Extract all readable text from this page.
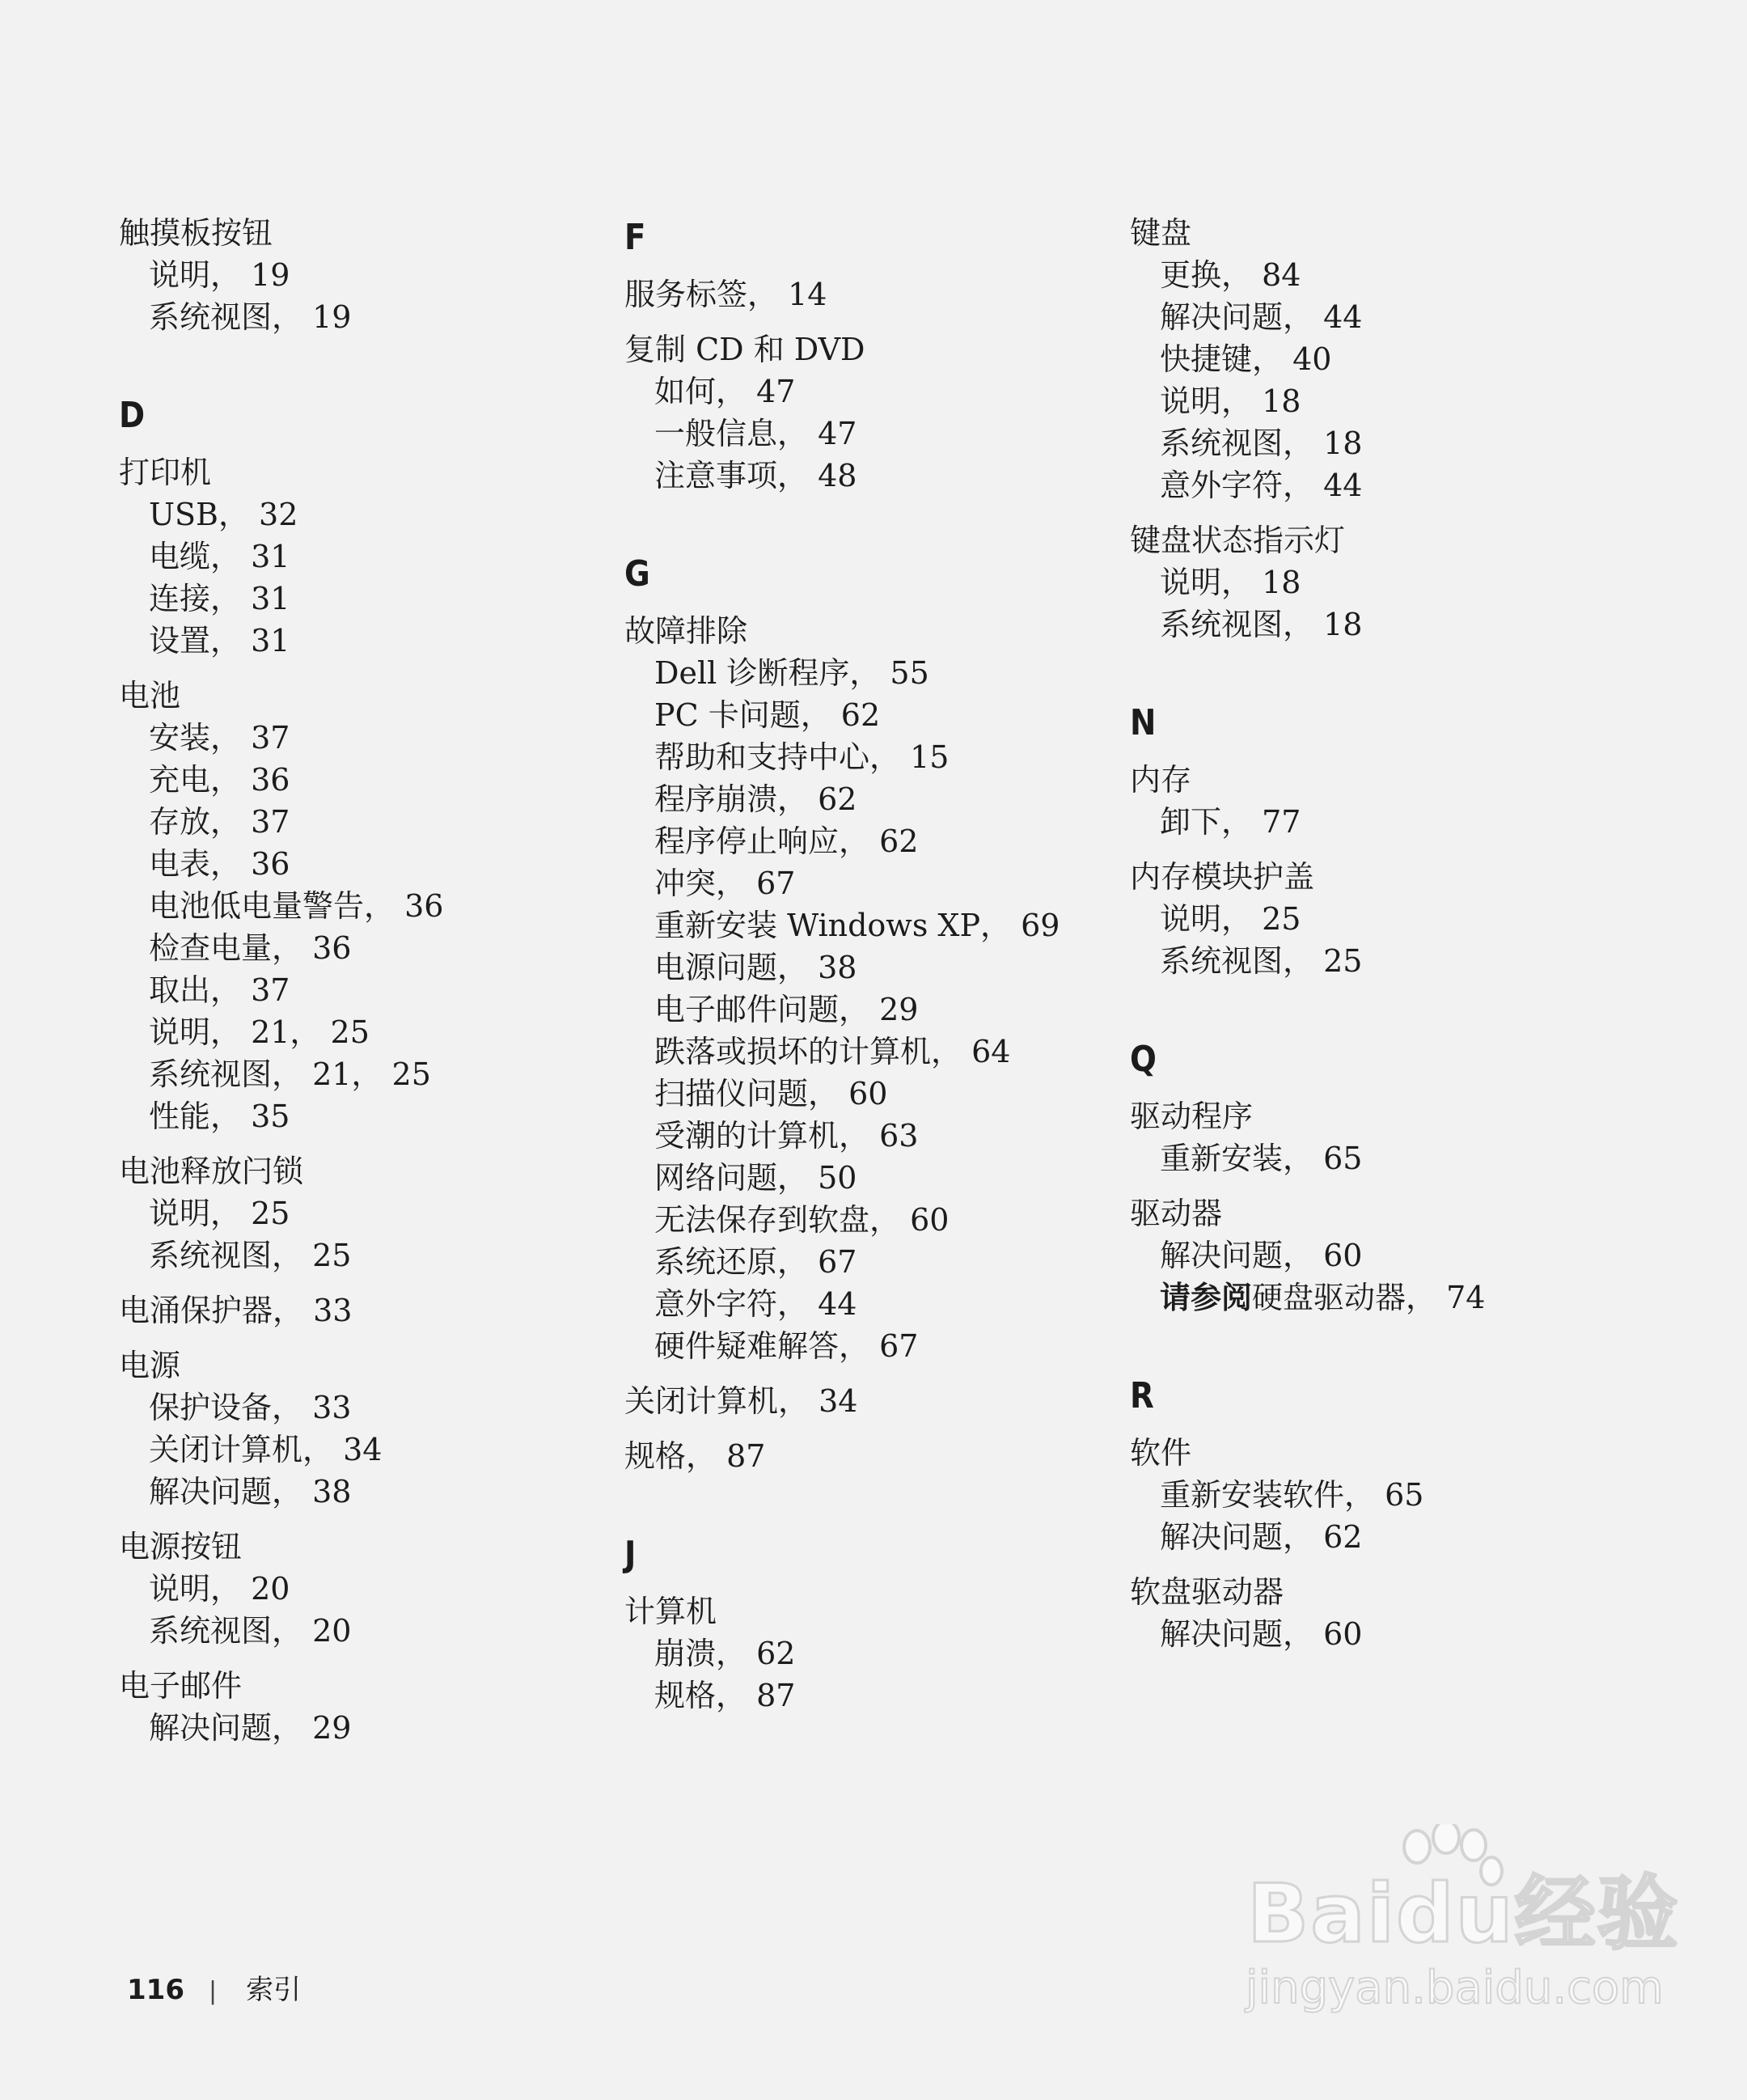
触摸板按钮
说明， 19
系统视图， 19
D
打印机
USB， 32
电缆， 31
连接， 31
设置， 31
电池
安装， 37
充电， 36
存放， 37
电表， 36
电池低电量警告， 36
检查电量， 36
取出， 37
说明， 21， 25
系统视图， 21， 25
性能， 35
电池释放闩锁
说明， 25
系统视图， 25
电涌保护器， 33
电源
保护设备， 33
关闭计算机， 34
解决问题， 38
电源按钮
说明， 20
系统视图， 20
电子邮件
解决问题， 29
F
服务标签， 14
复制 CD 和 DVD
如何， 47
一般信息， 47
注意事项， 48
G
故障排除
Dell 诊断程序， 55
PC 卡问题， 62
帮助和支持中心， 15
程序崩溃， 62
程序停止响应， 62
冲突， 67
重新安装 Windows XP， 69
电源问题， 38
电子邮件问题， 29
跌落或损坏的计算机， 64
扫描仪问题， 60
受潮的计算机， 63
网络问题， 50
无法保存到软盘， 60
系统还原， 67
意外字符， 44
硬件疑难解答， 67
关闭计算机， 34
规格， 87
J
计算机
崩溃， 62
规格， 87
键盘
更换， 84
解决问题， 44
快捷键， 40
说明， 18
系统视图， 18
意外字符， 44
键盘状态指示灯
说明， 18
系统视图， 18
N
内存
卸下， 77
内存模块护盖
说明， 25
系统视图， 25
Q
驱动程序
重新安装， 65
驱动器
解决问题， 60
请参阅硬盘驱动器， 74
R
软件
重新安装软件， 65
解决问题， 62
软盘驱动器
解决问题， 60
116 | 索引
Baidu经验
jingyan.baidu.com
